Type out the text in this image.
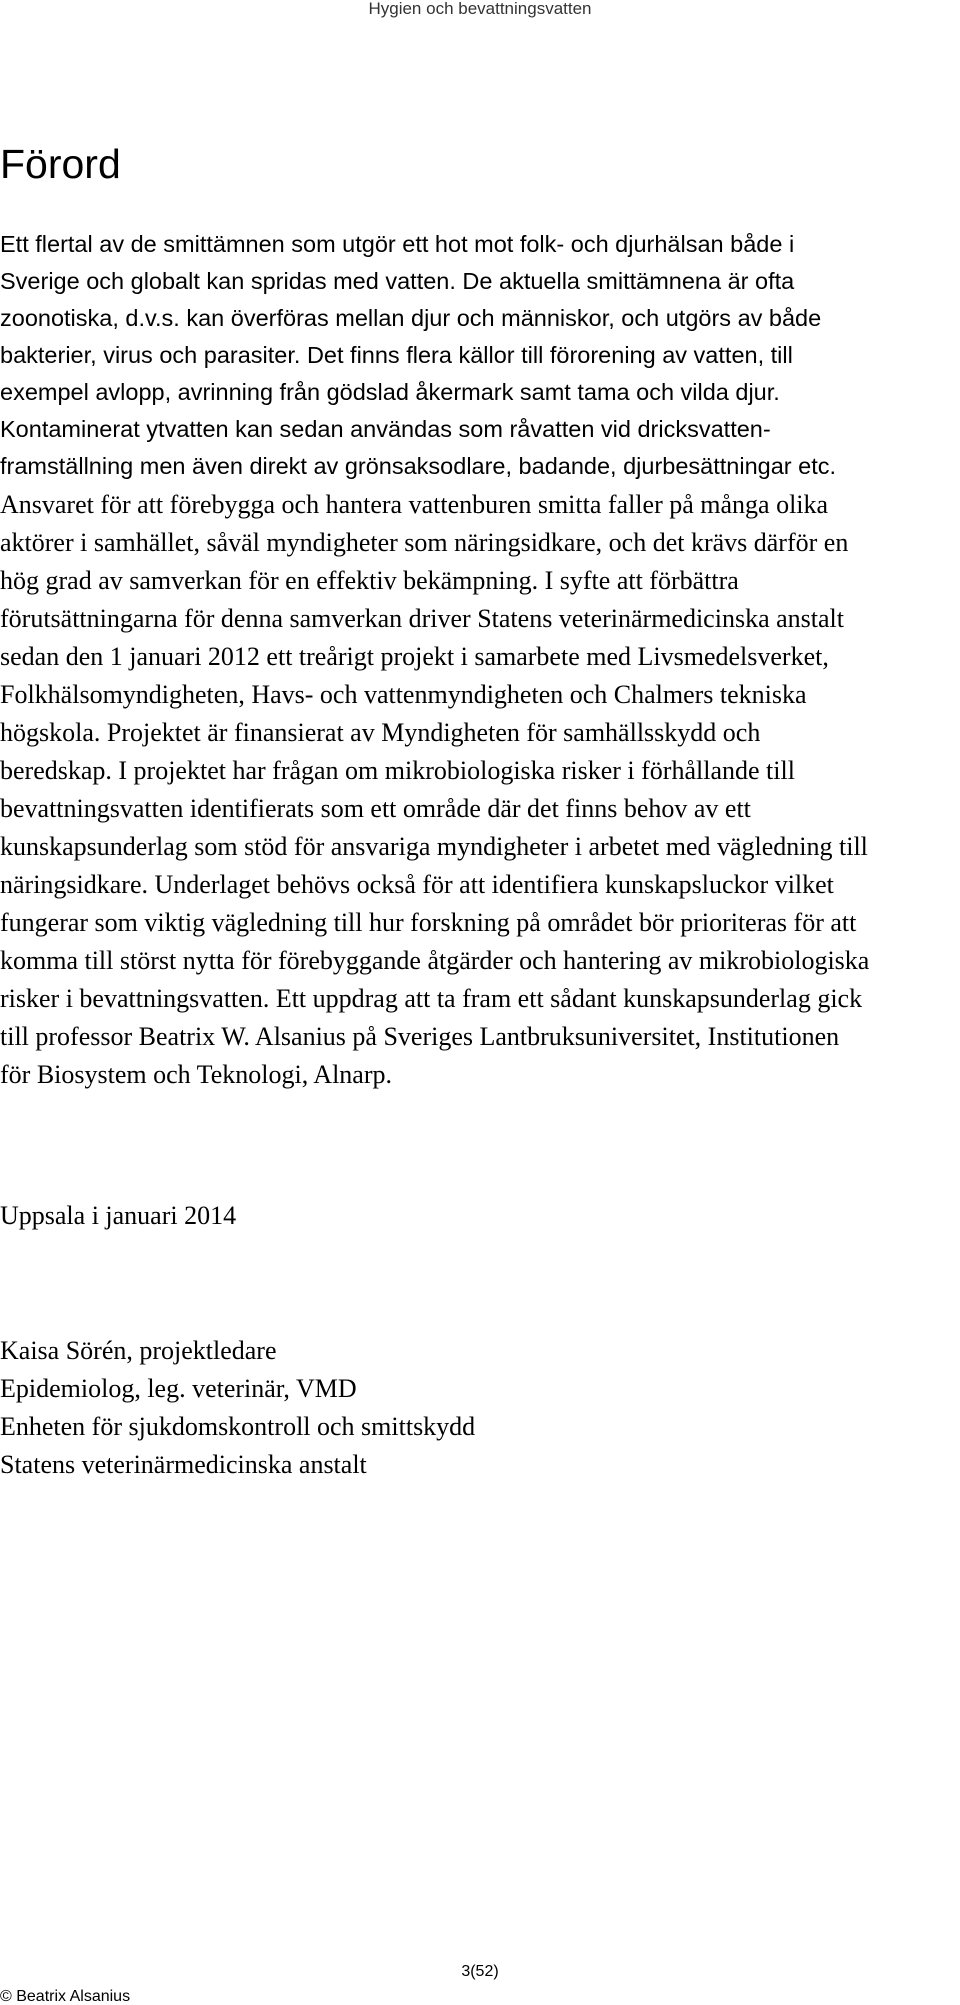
Hygien och bevattningsvatten
Förord

Ett flertal av de smittämnen som utgör ett hot mot folk- och djurhälsan både i

Sverige och globalt kan spridas med vatten. De aktuella smittämnena är ofta

zoonotiska, d.v.s. kan överföras mellan djur och människor, och utgörs av både

bakterier, virus och parasiter. Det finns flera källor till förorening av vatten, till

exempel avlopp, avrinning från gödslad åkermark samt tama och vilda djur.

Kontaminerat ytvatten kan sedan användas som råvatten vid dricksvatten-

framställning men även direkt av grönsaksodlare, badande, djurbesättningar etc.

Ansvaret för att förebygga och hantera vattenburen smitta faller på många olika

aktörer i samhället, såväl myndigheter som näringsidkare, och det krävs därför en

hög grad av samverkan för en effektiv bekämpning. I syfte att förbättra

förutsättningarna för denna samverkan driver Statens veterinärmedicinska anstalt

sedan den 1 januari 2012 ett treårigt projekt i samarbete med Livsmedelsverket,

Folkhälsomyndigheten, Havs- och vattenmyndigheten och Chalmers tekniska

högskola. Projektet är finansierat av Myndigheten för samhällsskydd och

beredskap. I projektet har frågan om mikrobiologiska risker i förhållande till

bevattningsvatten identifierats som ett område där det finns behov av ett

kunskapsunderlag som stöd för ansvariga myndigheter i arbetet med vägledning till

näringsidkare. Underlaget behövs också för att identifiera kunskapsluckor vilket

fungerar som viktig vägledning till hur forskning på området bör prioriteras för att

komma till störst nytta för förebyggande åtgärder och hantering av mikrobiologiska

risker i bevattningsvatten. Ett uppdrag att ta fram ett sådant kunskapsunderlag gick

till professor Beatrix W. Alsanius på Sveriges Lantbruksuniversitet, Institutionen

för Biosystem och Teknologi, Alnarp.

Uppsala i januari 2014

Kaisa Sörén, projektledare

Epidemiolog, leg. veterinär, VMD

Enheten för sjukdomskontroll och smittskydd

Statens veterinärmedicinska anstalt

3(52)
© Beatrix Alsanius
